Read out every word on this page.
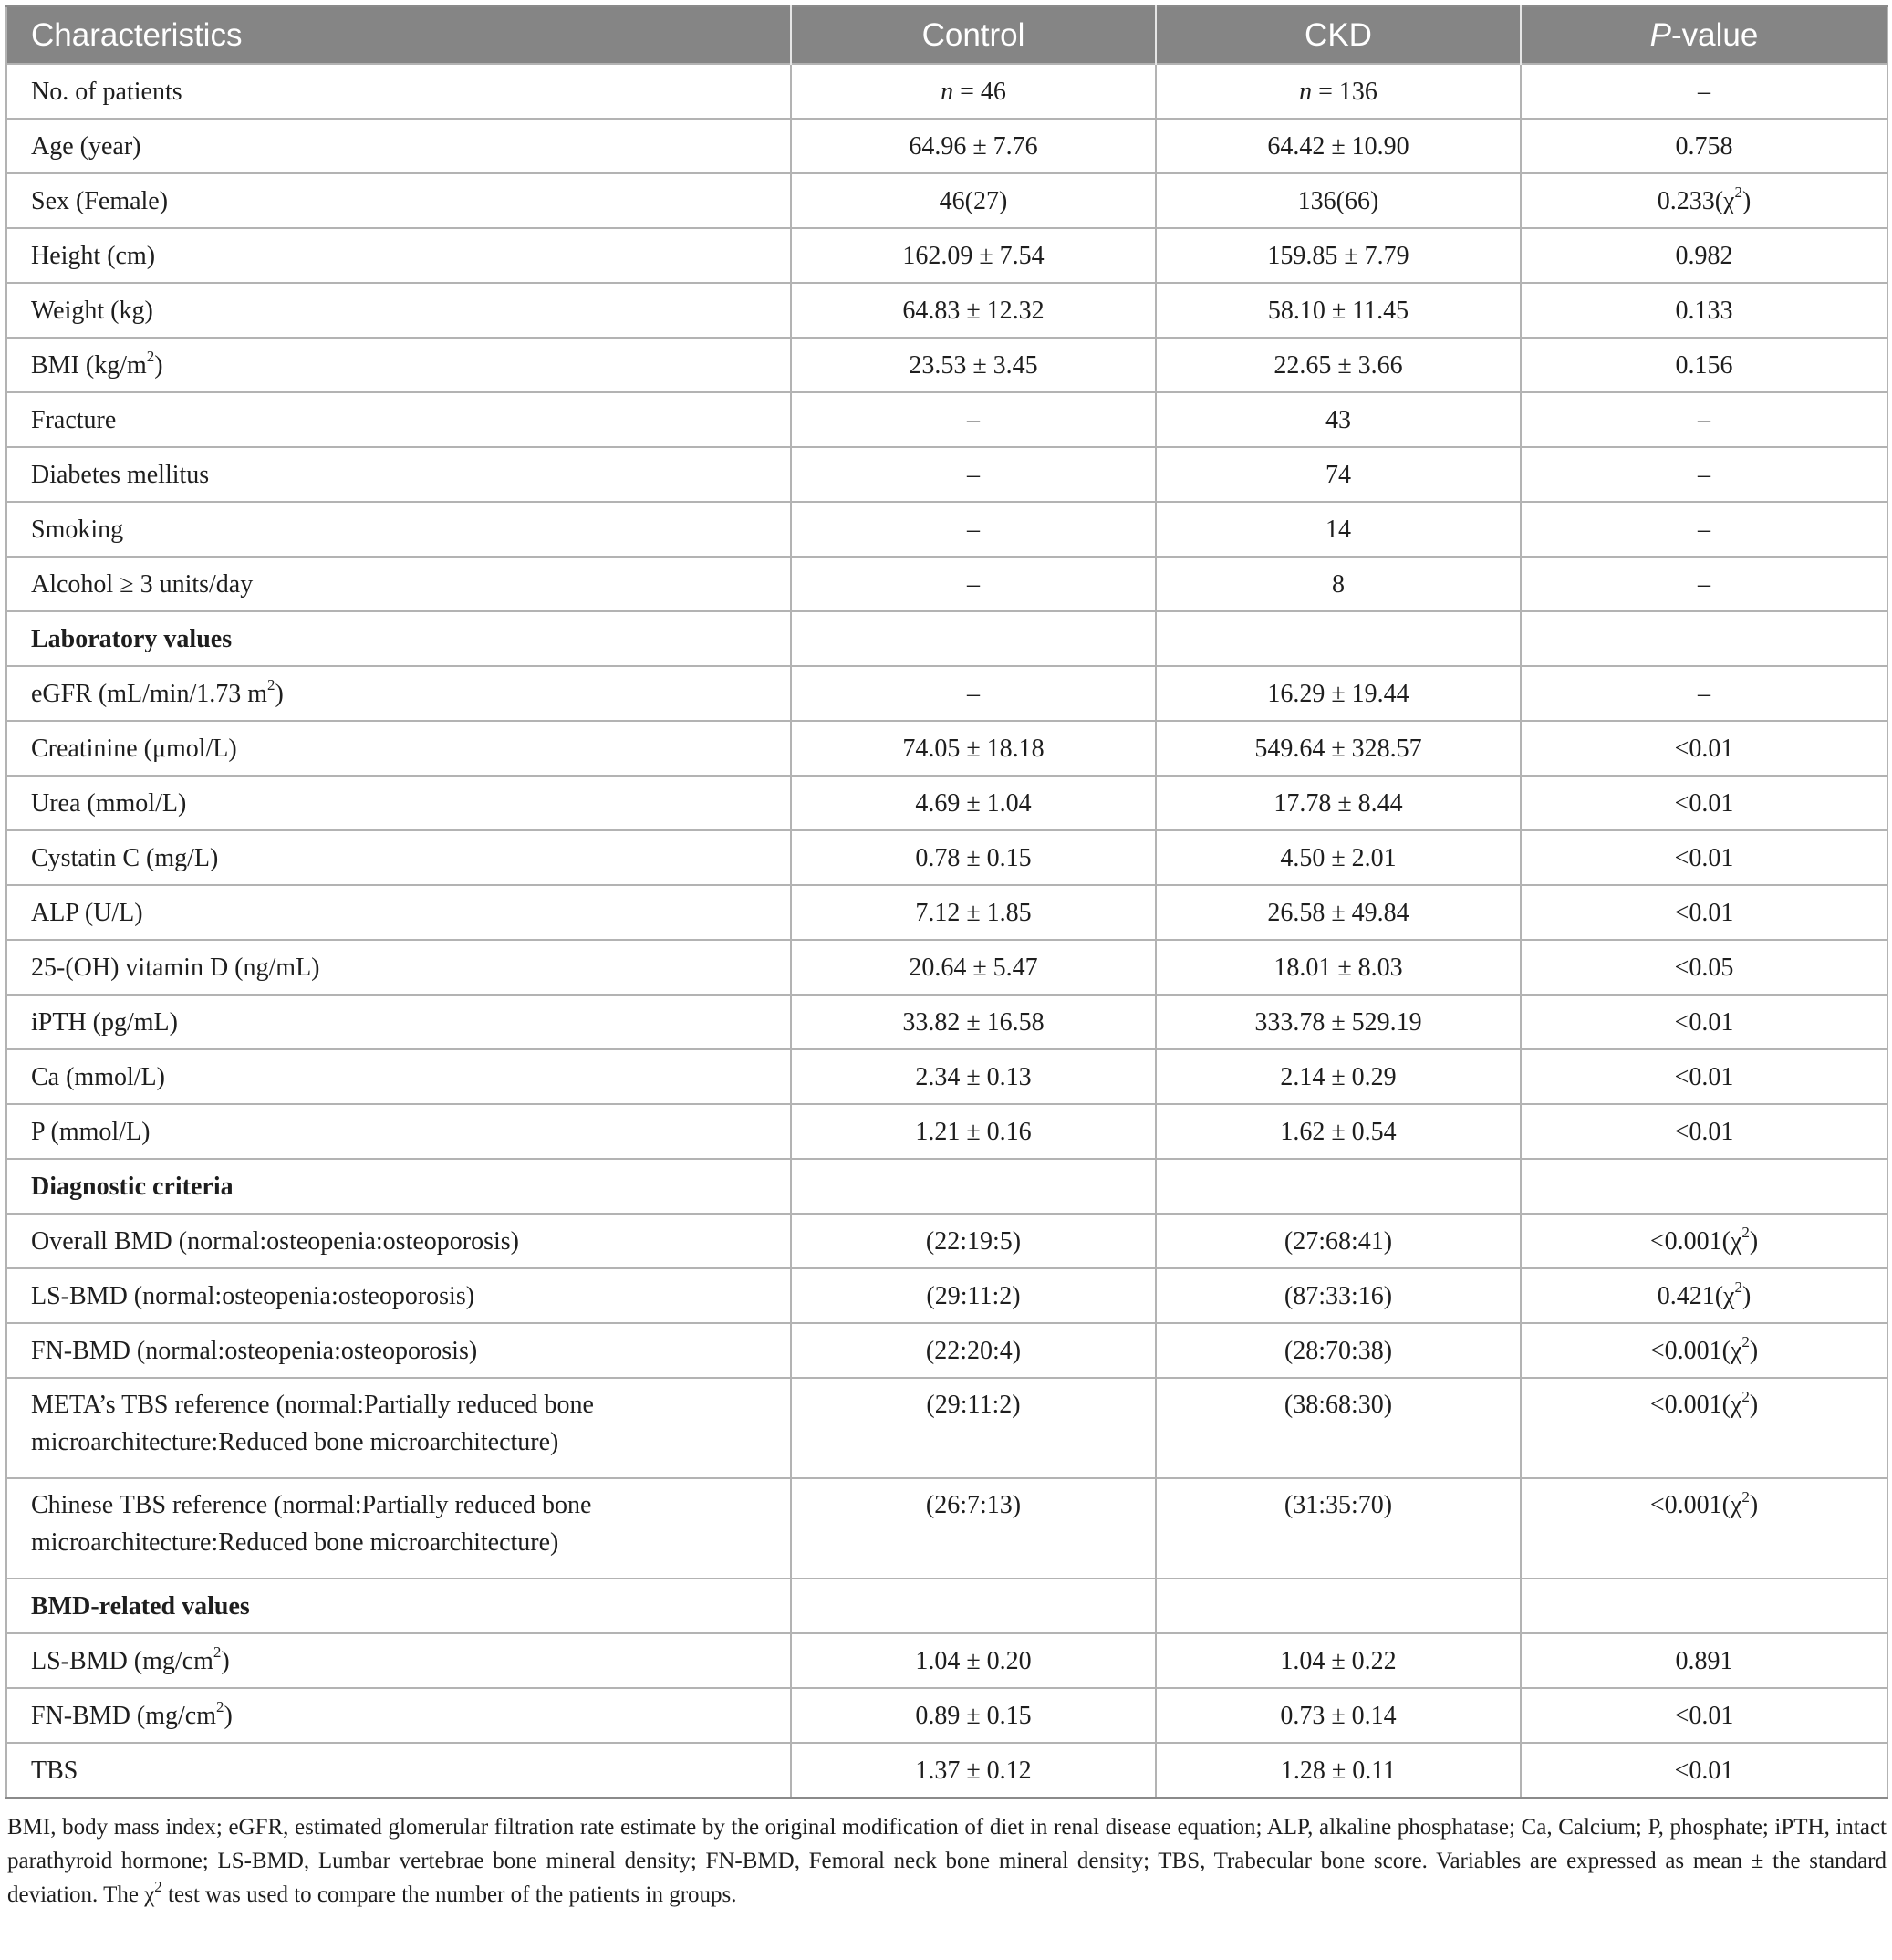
Characteristics	Control	CKD	P-value
No. of patients	n = 46	n = 136	–
Age (year)	64.96 ± 7.76	64.42 ± 10.90	0.758
Sex (Female)	46(27)	136(66)	$0.233(\chi^2)$
Height (cm)	162.09 ± 7.54	159.85 ± 7.79	0.982
Weight (kg)	64.83 ± 12.32	58.10 ± 11.45	0.133
BMI $(kg/m^2)$	23.53 ± 3.45	22.65 ± 3.66	0.156
Fracture	–	43	–
Diabetes mellitus	–	74	–
Smoking	–	14	–
Alcohol ≥ 3 units/day	–	8	–
Laboratory values			
eGFR (mL/min/1.73 $m^2$)	–	16.29 ± 19.44	–
Creatinine (μmol/L)	74.05 ± 18.18	549.64 ± 328.57	<0.01
Urea (mmol/L)	4.69 ± 1.04	17.78 ± 8.44	<0.01
Cystatin C (mg/L)	0.78 ± 0.15	4.50 ± 2.01	<0.01
ALP (U/L)	7.12 ± 1.85	26.58 ± 49.84	<0.01
25-(OH) vitamin D (ng/mL)	20.64 ± 5.47	18.01 ± 8.03	<0.05
iPTH (pg/mL)	33.82 ± 16.58	333.78 ± 529.19	<0.01
Ca (mmol/L)	2.34 ± 0.13	2.14 ± 0.29	<0.01
P (mmol/L)	1.21 ± 0.16	1.62 ± 0.54	<0.01
Diagnostic criteria			
Overall BMD (normal:osteopenia:osteoporosis)	(22:19:5)	(27:68:41)	$<0.001(\chi^2)$
LS-BMD (normal:osteopenia:osteoporosis)	(29:11:2)	(87:33:16)	$0.421(\chi^2)$
FN-BMD (normal:osteopenia:osteoporosis)	(22:20:4)	(28:70:38)	$<0.001(\chi^2)$
META’s TBS reference (normal:Partially reduced bone microarchitecture:Reduced bone microarchitecture)	(29:11:2)	(38:68:30)	$<0.001(\chi^2)$
Chinese TBS reference (normal:Partially reduced bone microarchitecture:Reduced bone microarchitecture)	(26:7:13)	(31:35:70)	$<0.001(\chi^2)$
BMD-related values			
LS-BMD $(mg/cm^2)$	1.04 ± 0.20	1.04 ± 0.22	0.891
FN-BMD $(mg/cm^2)$	0.89 ± 0.15	0.73 ± 0.14	<0.01
TBS	1.37 ± 0.12	1.28 ± 0.11	<0.01
BMI, body mass index; eGFR, estimated glomerular filtration rate estimate by the original modification of diet in renal disease equation; ALP, alkaline phosphatase; Ca, Calcium; P, phosphate; iPTH, intact parathyroid hormone; LS-BMD, Lumbar vertebrae bone mineral density; FN-BMD, Femoral neck bone mineral density; TBS, Trabecular bone score. Variables are expressed as mean ± the standard deviation. The $\chi^2$ test was used to compare the number of the patients in groups.
